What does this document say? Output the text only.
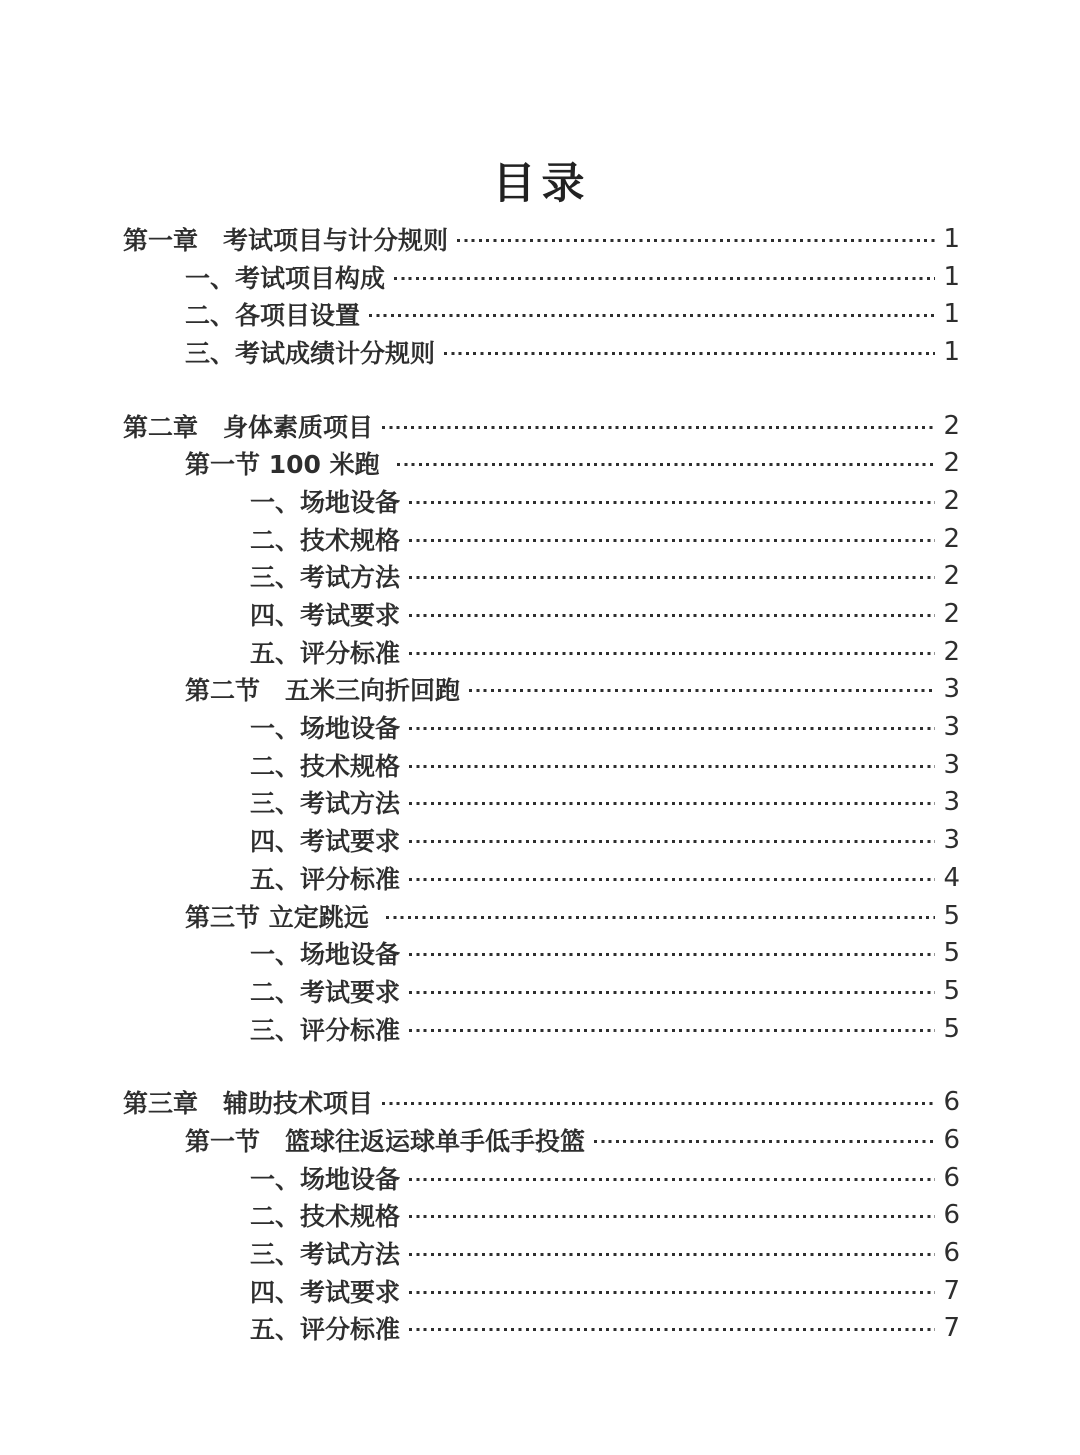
目录
第一章　考试项目与计分规则	1
一、考试项目构成	1
二、各项目设置	1
三、考试成绩计分规则	1
第二章　身体素质项目	2
第一节 100 米跑	2
一、场地设备	2
二、技术规格	2
三、考试方法	2
四、考试要求	2
五、评分标准	2
第二节　五米三向折回跑	3
一、场地设备	3
二、技术规格	3
三、考试方法	3
四、考试要求	3
五、评分标准	4
第三节 立定跳远	5
一、场地设备	5
二、考试要求	5
三、评分标准	5
第三章　辅助技术项目	6
第一节　篮球往返运球单手低手投篮	6
一、场地设备	6
二、技术规格	6
三、考试方法	6
四、考试要求	7
五、评分标准	7
